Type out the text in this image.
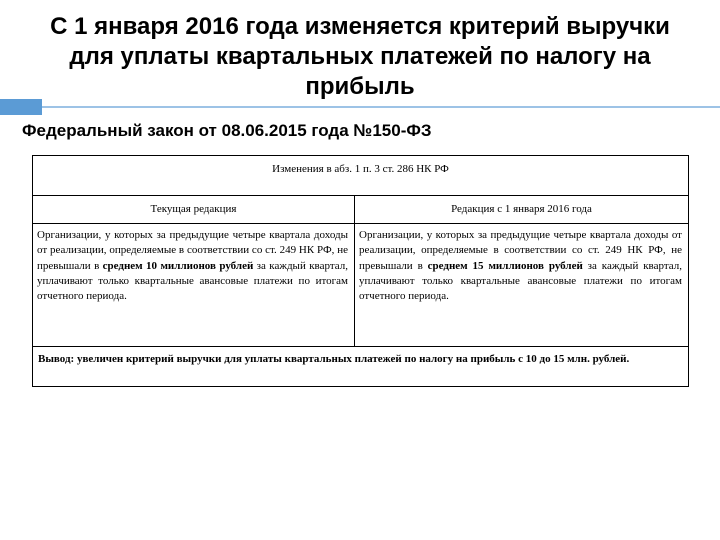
С 1 января 2016 года изменяется критерий выручки
для уплаты квартальных платежей по налогу на
прибыль

Федеральный закон от 08.06.2015 года №150-ФЗ

Изменения в абз. 1 п. 3 ст. 286 НК РФ
Текущая редакция
Организации, у которых за предыдущие четыре квартала доходы от реализации, определяемые в соответствии со ст. 249 НК РФ, не превышали в среднем 10 миллионов рублей за каждый квартал, уплачивают только квартальные авансовые платежи по итогам отчетного периода.
Редакция с 1 января 2016 года
Организации, у которых за предыдущие четыре квартала доходы от реализации, определяемые в соответствии со ст. 249 НК РФ, не превышали в среднем 15 миллионов рублей за каждый квартал, уплачивают только квартальные авансовые платежи по итогам отчетного периода.
Вывод: увеличен критерий выручки для уплаты квартальных платежей по налогу на прибыль с 10 до 15 млн. рублей.
